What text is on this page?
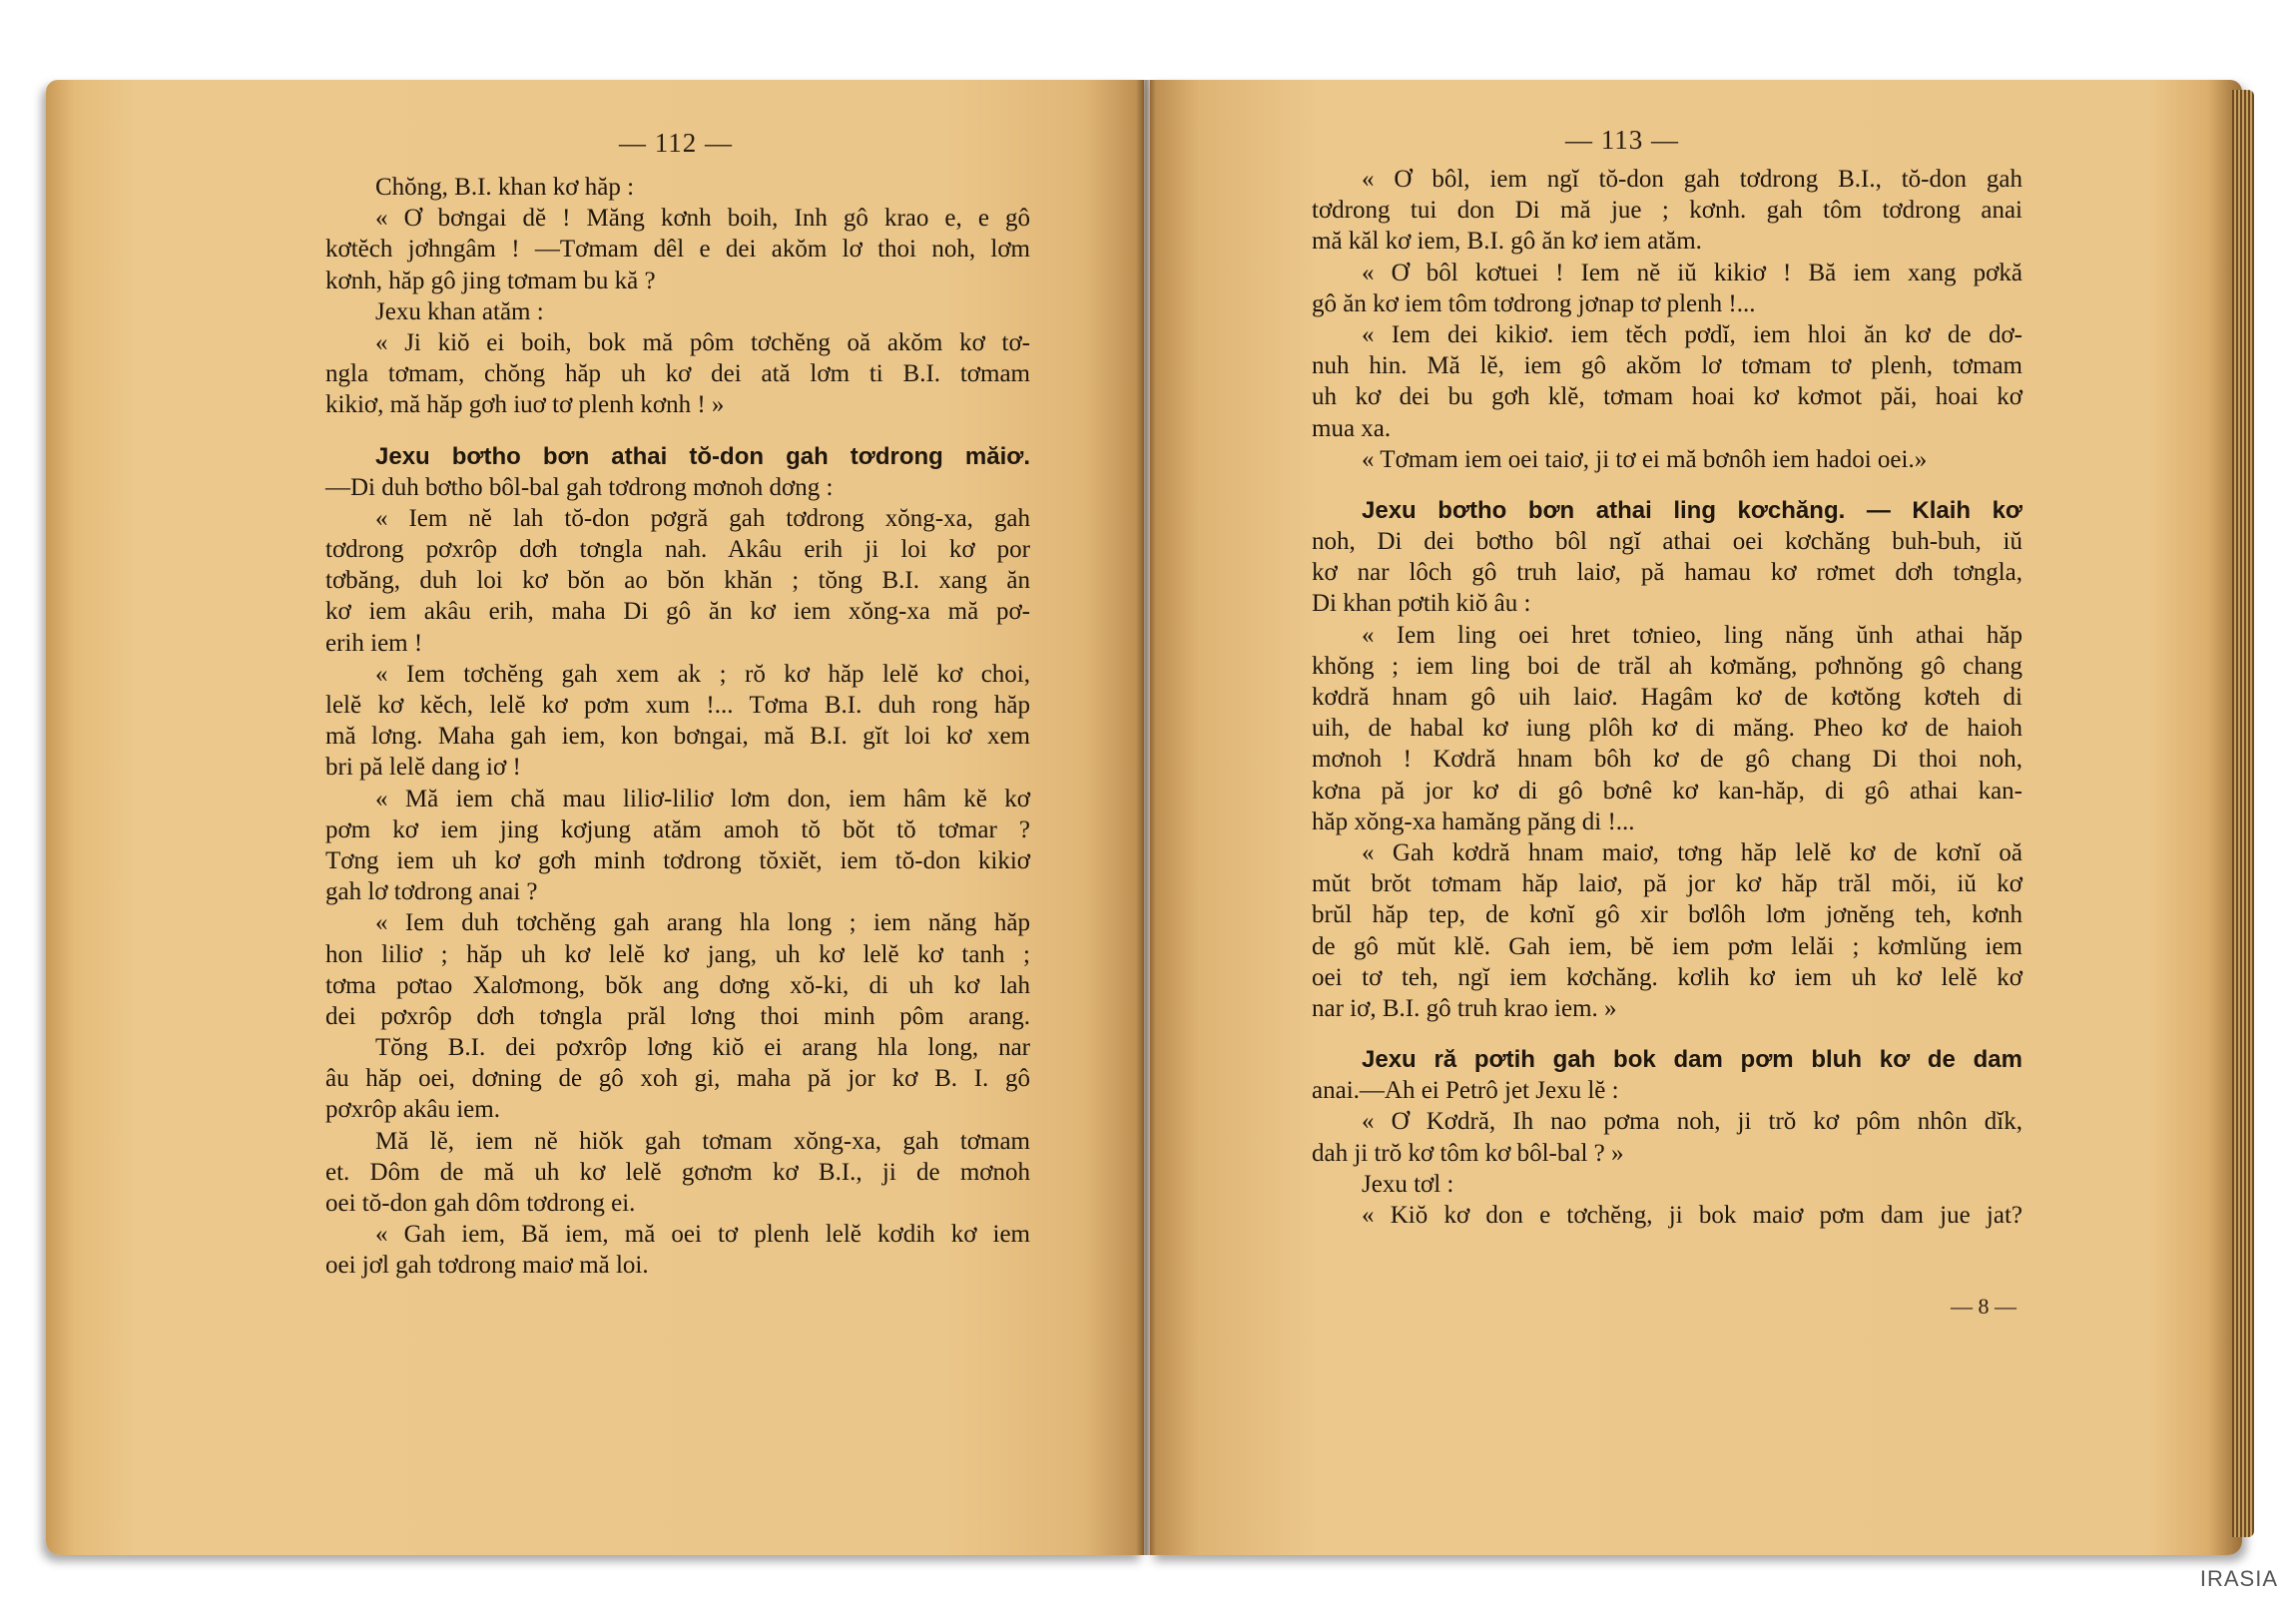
— 112 —
Chŏng, B.I. khan kơ hăp :
« Ơ bơngai dĕ ! Măng kơnh boih, Inh gô krao e, e gô
kơtĕch jơhngâm ! —Tơmam dêl e dei akŏm lơ thoi noh, lơm
kơnh, hăp gô jing tơmam bu kă ?
Jexu khan atăm :
« Ji kiŏ ei boih, bok mă pôm tơchĕng oă akŏm kơ tơ-
ngla tơmam, chŏng hăp uh kơ dei ată lơm ti B.I. tơmam
kikiơ, mă hăp gơh iuơ tơ plenh kơnh ! »
Jexu bơtho bơn athai tŏ-don gah tơdrong măiơ.
—Di duh bơtho bôl-bal gah tơdrong mơnoh dơng :
« Iem nĕ lah tŏ-don pơgră gah tơdrong xŏng-xa, gah
tơdrong pơxrôp dơh tơngla nah. Akâu erih ji loi kơ por
tơbăng, duh loi kơ bŏn ao bŏn khăn ; tŏng B.I. xang ăn
kơ iem akâu erih, maha Di gô ăn kơ iem xŏng-xa mă pơ-
erih iem !
« Iem tơchĕng gah xem ak ; rŏ kơ hăp lelĕ kơ choi,
lelĕ kơ kĕch, lelĕ kơ pơm xum !... Tơma B.I. duh rong hăp
mă lơng. Maha gah iem, kon bơngai, mă B.I. gĭt loi kơ xem
bri pă lelĕ dang iơ !
« Mă iem chă mau liliơ-liliơ lơm don, iem hâm kĕ kơ
pơm kơ iem jing kơjung atăm amoh tŏ bŏt tŏ tơmar ?
Tơng iem uh kơ gơh minh tơdrong tŏxiĕt, iem tŏ-don kikiơ
gah lơ tơdrong anai ?
« Iem duh tơchĕng gah arang hla long ; iem năng hăp
hon liliơ ; hăp uh kơ lelĕ kơ jang, uh kơ lelĕ kơ tanh ;
tơma pơtao Xalơmong, bŏk ang dơng xŏ-ki, di uh kơ lah
dei pơxrôp dơh tơngla prăl lơng thoi minh pôm arang.
Tŏng B.I. dei pơxrôp lơng kiŏ ei arang hla long, nar
âu hăp oei, dơning de gô xoh gi, maha pă jor kơ B. I. gô
pơxrôp akâu iem.
Mă lĕ, iem nĕ hiŏk gah tơmam xŏng-xa, gah tơmam
et. Dôm de mă uh kơ lelĕ gơnơm kơ B.I., ji de mơnoh
oei tŏ-don gah dôm tơdrong ei.
« Gah iem, Bă iem, mă oei tơ plenh lelĕ kơdih kơ iem
oei jơl gah tơdrong maiơ mă loi.
— 113 —
« Ơ bôl, iem ngĭ tŏ-don gah tơdrong B.I., tŏ-don gah
tơdrong tui don Di mă jue ; kơnh. gah tôm tơdrong anai
mă kăl kơ iem, B.I. gô ăn kơ iem atăm.
« Ơ bôl kơtuei ! Iem nĕ iŭ kikiơ ! Bă iem xang pơkă
gô ăn kơ iem tôm tơdrong jơnap tơ plenh !...
« Iem dei kikiơ. iem tĕch pơdĭ, iem hloi ăn kơ de dơ-
nuh hin. Mă lĕ, iem gô akŏm lơ tơmam tơ plenh, tơmam
uh kơ dei bu gơh klĕ, tơmam hoai kơ kơmot păi, hoai kơ
mua xa.
« Tơmam iem oei taiơ, ji tơ ei mă bơnôh iem hadoi oei.»
Jexu bơtho bơn athai ling kơchăng. — Klaih kơ
noh, Di dei bơtho bôl ngĭ athai oei kơchăng buh-buh, iŭ
kơ nar lôch gô truh laiơ, pă hamau kơ rơmet dơh tơngla,
Di khan pơtih kiŏ âu :
« Iem ling oei hret tơnieo, ling năng ŭnh athai hăp
khŏng ; iem ling boi de trăl ah kơmăng, pơhnŏng gô chang
kơdră hnam gô uih laiơ. Hagâm kơ de kơtŏng kơteh di
uih, de habal kơ iung plôh kơ di măng. Pheo kơ de haioh
mơnoh ! Kơdră hnam bôh kơ de gô chang Di thoi noh,
kơna pă jor kơ di gô bơnê kơ kan-hăp, di gô athai kan-
hăp xŏng-xa hamăng păng di !...
« Gah kơdră hnam maiơ, tơng hăp lelĕ kơ de kơnĭ oă
mŭt brŏt tơmam hăp laiơ, pă jor kơ hăp trăl mŏi, iŭ kơ
brŭl hăp tep, de kơnĭ gô xir bơlôh lơm jơnĕng teh, kơnh
de gô mŭt klĕ. Gah iem, bĕ iem pơm lelăi ; kơmlŭng iem
oei tơ teh, ngĭ iem kơchăng. kơlih kơ iem uh kơ lelĕ kơ
nar iơ, B.I. gô truh krao iem. »
Jexu ră pơtih gah bok dam pơm bluh kơ de dam
anai.—Ah ei Petrô jet Jexu lĕ :
« Ơ Kơdră, Ih nao pơma noh, ji trŏ kơ pôm nhôn dĭk,
dah ji trŏ kơ tôm kơ bôl-bal ? »
Jexu tơl :
« Kiŏ kơ don e tơchĕng, ji bok maiơ pơm dam jue jat?
— 8 —
IRASIA
